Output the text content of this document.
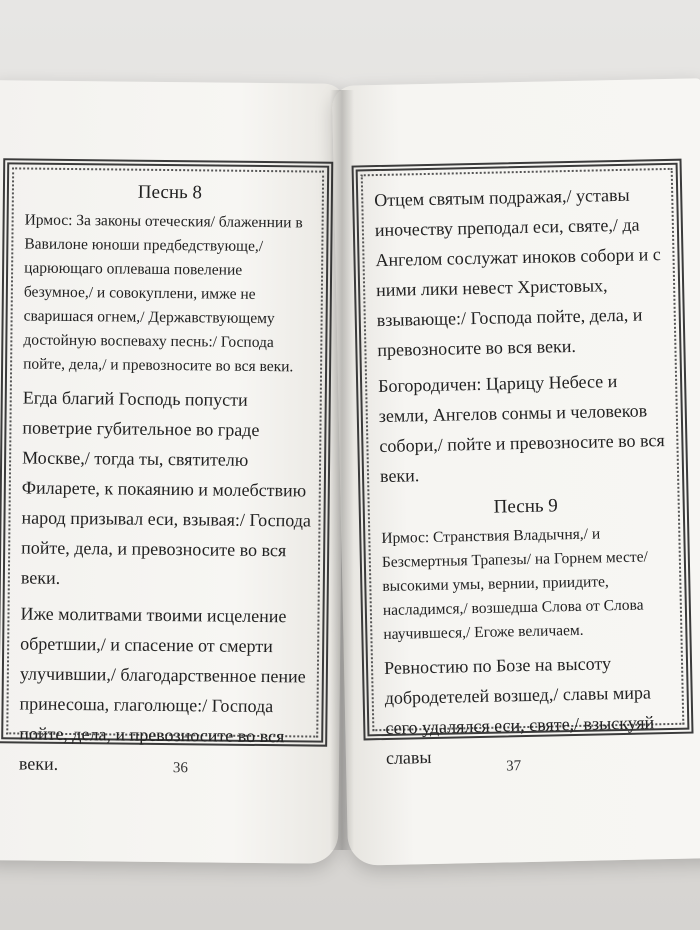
Песнь 8
Ирмос: За законы отеческия/ блаженнии в Вавилоне юноши предбедствующе,/ царюющаго оплеваша повеление безумное,/ и совокуплени, имже не сваришася огнем,/ Державствующему достойную воспеваху песнь:/ Господа пойте, дела,/ и превозносите во вся веки.
Егда благий Господь попусти поветрие губительное во граде Москве,/ тогда ты, святителю Филарете, к покаянию и молебствию народ призывал еси, взывая:/ Господа пойте, дела, и превозносите во вся веки.
Иже молитвами твоими исцеление обретшии,/ и спасение от смерти улучившии,/ благодарственное пение принесоша, глаголюще:/ Господа пойте, дела, и превозносите во вся веки.	36
Отцем святым подражая,/ уставы иночеству преподал еси, святе,/ да Ангелом сослужат иноков собори и с ними лики невест Христовых, взывающе:/ Господа пойте, дела, и превозносите во вся веки.
Богородичен: Царицу Небесе и земли, Ангелов сонмы и человеков собори,/ пойте и превозносите во вся веки.
Песнь 9
Ирмос: Странствия Владычня,/ и Безсмертныя Трапезы/ на Горнем месте/ высокими умы, вернии, приидите, насладимся,/ возшедша Слова от Слова научившеся,/ Егоже величаем.
Ревностию по Бозе на высоту добродетелей возшед,/ славы мира сего удалялся еси, святе,/ взыскуяй славы	37
